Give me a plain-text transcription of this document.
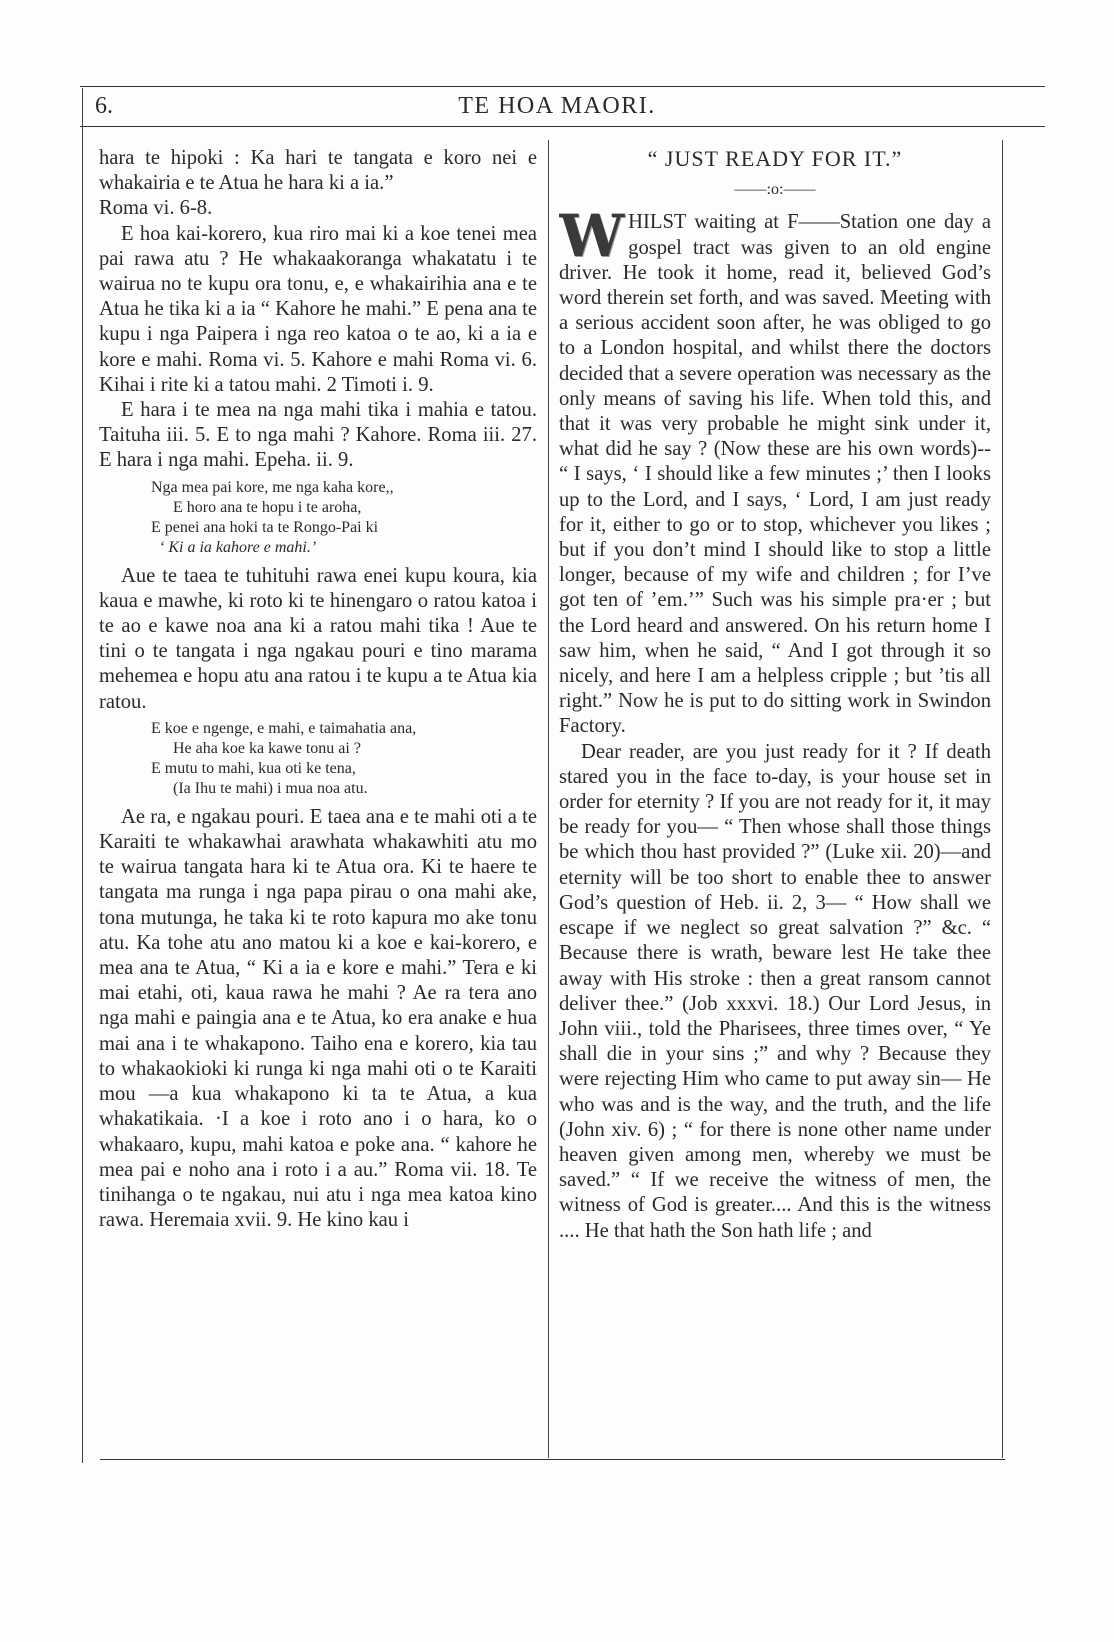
6.	TE HOA MAORI.

hara te hipoki : Ka hari te tangata e koro nei e whakairia e te Atua he hara ki a ia.”
Roma vi. 6-8.

E hoa kai-korero, kua riro mai ki a koe tenei mea pai rawa atu ? He whakaakoranga whakatatu i te wairua no te kupu ora tonu, e, e whakairihia ana e te Atua he tika ki a ia “ Kahore he mahi.” E pena ana te kupu i nga Paipera i nga reo katoa o te ao, ki a ia e kore e mahi. Roma vi. 5. Kahore e mahi Roma vi. 6. Kihai i rite ki a tatou mahi. 2 Timoti i. 9.

E hara i te mea na nga mahi tika i mahia e tatou. Taituha iii. 5. E to nga mahi ? Kahore. Roma iii. 27. E hara i nga mahi. Epeha. ii. 9.

Nga mea pai kore, me nga kaha kore,,
E horo ana te hopu i te aroha,
E penei ana hoki ta te Rongo-Pai ki
‘ Ki a ia kahore e mahi.’

Aue te taea te tuhituhi rawa enei kupu koura, kia kaua e mawhe, ki roto ki te hinengaro o ratou katoa i te ao e kawe noa ana ki a ratou mahi tika ! Aue te tini o te tangata i nga ngakau pouri e tino marama mehemea e hopu atu ana ratou i te kupu a te Atua kia ratou.

E koe e ngenge, e mahi, e taimahatia ana,
He aha koe ka kawe tonu ai ?
E mutu to mahi, kua oti ke tena,
(Ia Ihu te mahi) i mua noa atu.

Ae ra, e ngakau pouri. E taea ana e te mahi oti a te Karaiti te whakawhai arawhata whakawhiti atu mo te wairua tangata hara ki te Atua ora. Ki te haere te tangata ma runga i nga papa pirau o ona mahi ake, tona mutunga, he taka ki te roto kapura mo ake tonu atu. Ka tohe atu ano matou ki a koe e kai-korero, e mea ana te Atua, “ Ki a ia e kore e mahi.” Tera e ki mai etahi, oti, kaua rawa he mahi ? Ae ra tera ano nga mahi e paingia ana e te Atua, ko era anake e hua mai ana i te whakapono. Taiho ena e korero, kia tau to whakaokioki ki runga ki nga mahi oti o te Karaiti mou —a kua whakapono ki ta te Atua, a kua whakatikaia. ·I a koe i roto ano i o hara, ko o whakaaro, kupu, mahi katoa e poke ana. “ kahore he mea pai e noho ana i roto i a au.” Roma vii. 18. Te tinihanga o te ngakau, nui atu i nga mea katoa kino rawa. Heremaia xvii. 9. He kino kau i

“ JUST READY FOR IT.”
——:o:——

W HILST waiting at F——Station one day a gospel tract was given to an old engine driver. He took it home, read it, believed God’s word therein set forth, and was saved. Meeting with a serious accident soon after, he was obliged to go to a London hospital, and whilst there the doctors decided that a severe operation was necessary as the only means of saving his life. When told this, and that it was very probable he might sink under it, what did he say ? (Now these are his own words)-- “ I says, ‘ I should like a few minutes ;’ then I looks up to the Lord, and I says, ‘ Lord, I am just ready for it, either to go or to stop, whichever you likes ; but if you don’t mind I should like to stop a little longer, because of my wife and children ; for I’ve got ten of ’em.’” Such was his simple pra·er ; but the Lord heard and answered. On his return home I saw him, when he said, “ And I got through it so nicely, and here I am a helpless cripple ; but ’tis all right.” Now he is put to do sitting work in Swindon Factory.

Dear reader, are you just ready for it ? If death stared you in the face to-day, is your house set in order for eternity ? If you are not ready for it, it may be ready for you— “ Then whose shall those things be which thou hast provided ?” (Luke xii. 20)—and eternity will be too short to enable thee to answer God’s question of Heb. ii. 2, 3— “ How shall we escape if we neglect so great salvation ?” &c. “ Because there is wrath, beware lest He take thee away with His stroke : then a great ransom cannot deliver thee.” (Job xxxvi. 18.) Our Lord Jesus, in John viii., told the Pharisees, three times over, “ Ye shall die in your sins ;” and why ? Because they were rejecting Him who came to put away sin— He who was and is the way, and the truth, and the life (John xiv. 6) ; “ for there is none other name under heaven given among men, whereby we must be saved.” “ If we receive the witness of men, the witness of God is greater.... And this is the witness .... He that hath the Son hath life ; and
